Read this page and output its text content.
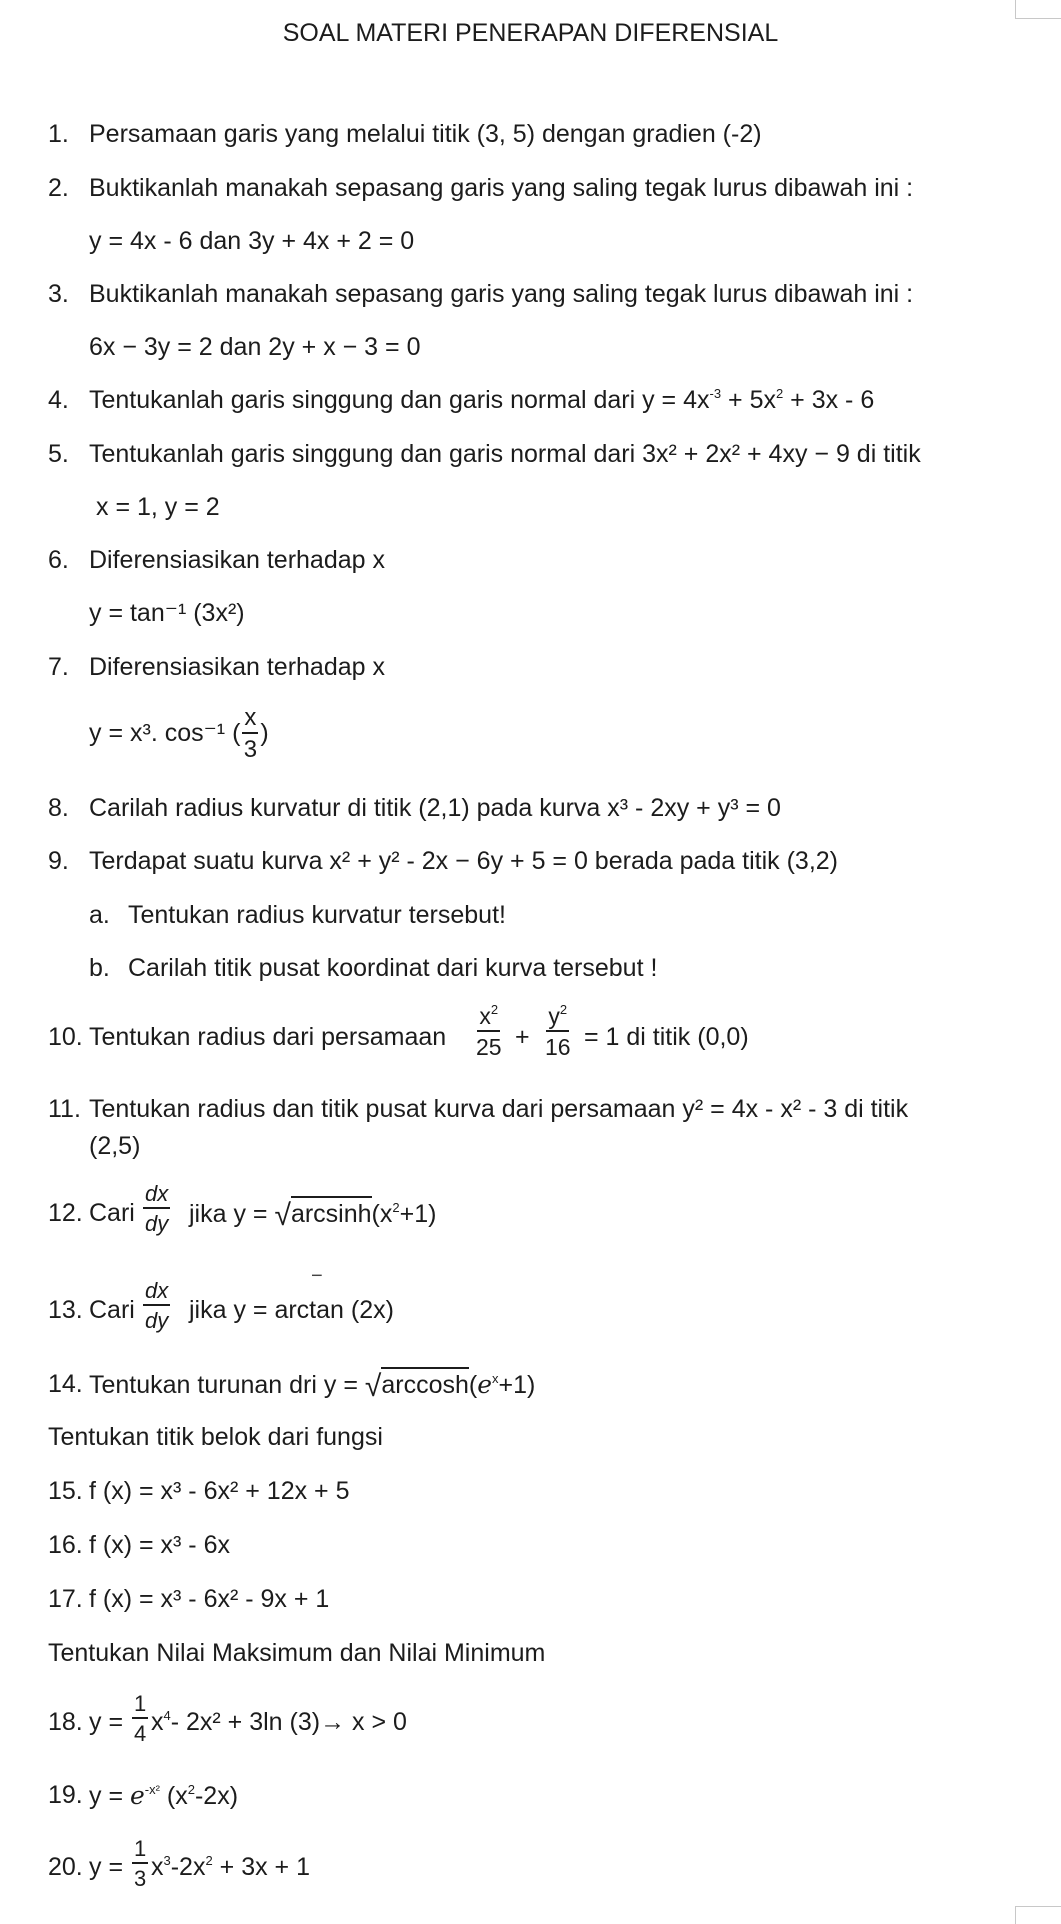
SOAL MATERI PENERAPAN DIFERENSIAL
1. Persamaan garis yang melalui titik (3, 5) dengan gradien (-2)
2. Buktikanlah manakah sepasang garis yang saling tegak lurus dibawah ini :
y = 4x - 6 dan 3y + 4x + 2 = 0
3. Buktikanlah manakah sepasang garis yang saling tegak lurus dibawah ini :
6x − 3y = 2 dan 2y + x − 3 = 0
4. Tentukanlah garis singgung dan garis normal dari $y = 4x^{-3} + 5x^2 + 3x - 6$
5. Tentukanlah garis singgung dan garis normal dari 3x² + 2x² + 4xy − 9 di titik
x = 1, y = 2
6. Diferensiasikan terhadap x
y = tan⁻¹ (3x²)
7. Diferensiasikan terhadap x
y = x³. cos⁻¹ ( $\frac{x}{3}$ )
8. Carilah radius kurvatur di titik (2,1) pada kurva x³ - 2xy + y³ = 0
9. Terdapat suatu kurva x² + y² - 2x − 6y + 5 = 0 berada pada titik (3,2)
a. Tentukan radius kurvatur tersebut!
b. Carilah titik pusat koordinat dari kurva tersebut !
10. Tentukan radius dari persamaan $\frac{x^2}{25} + \frac{y^2}{16} = 1$ di titik (0,0)
11. Tentukan radius dan titik pusat kurva dari persamaan y² = 4x - x² - 3 di titik
(2,5)
12. Cari $\frac{dx}{dy}$ jika $y = √\arcsin h(x^2+1)$
−
13. Cari $\frac{dx}{dy}$ jika y = arctan (2x)
14. Tentukan turunan dri $y = √\arccos h(e^x+1)$
Tentukan titik belok dari fungsi
15. f (x) = x³ - 6x² + 12x + 5
16. f (x) = x³ - 6x
17. f (x) = x³ - 6x² - 9x + 1
Tentukan Nilai Maksimum dan Nilai Minimum
18. $y = \frac{1}{4} x^4-$ 2x² + 3ln (3)→ x > 0
19. $y = e^{-x^2}$ $(x^2-2x)$
20. $y = \frac{1}{3} x^3-2x^2 + 3x + 1$
